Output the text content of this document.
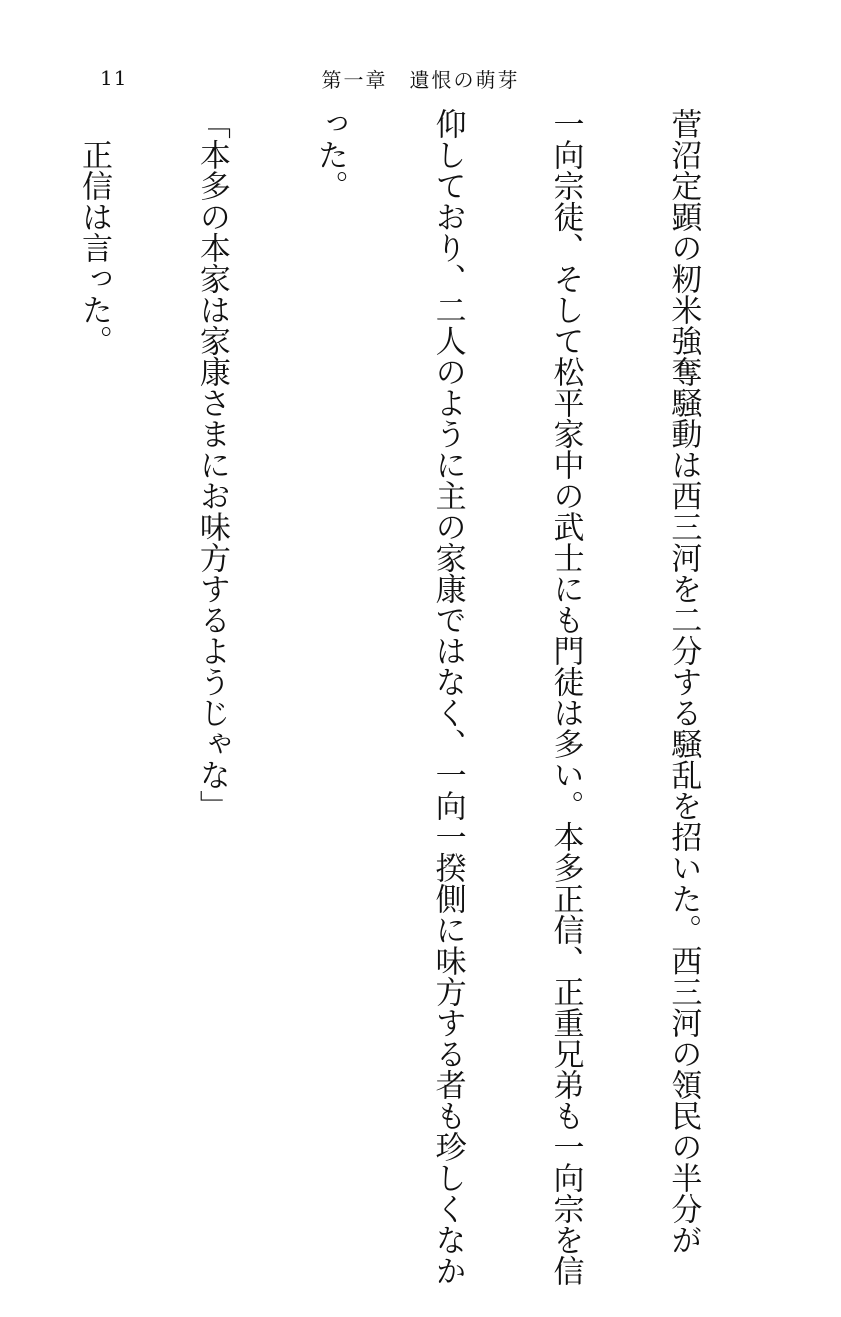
11	第一章　遺恨の萌芽

菅沼定顕の籾米強奪騒動は西三河を二分する騒乱を招いた。西三河の領民の半分が

一向宗徒、そして松平家中の武士にも門徒は多い。本多正信、正重兄弟も一向宗を信

仰しており、二人のように主の家康ではなく、一向一揆側に味方する者も珍しくなか

った。

「本多の本家は家康さまにお味方するようじゃな」

　正信は言った。
